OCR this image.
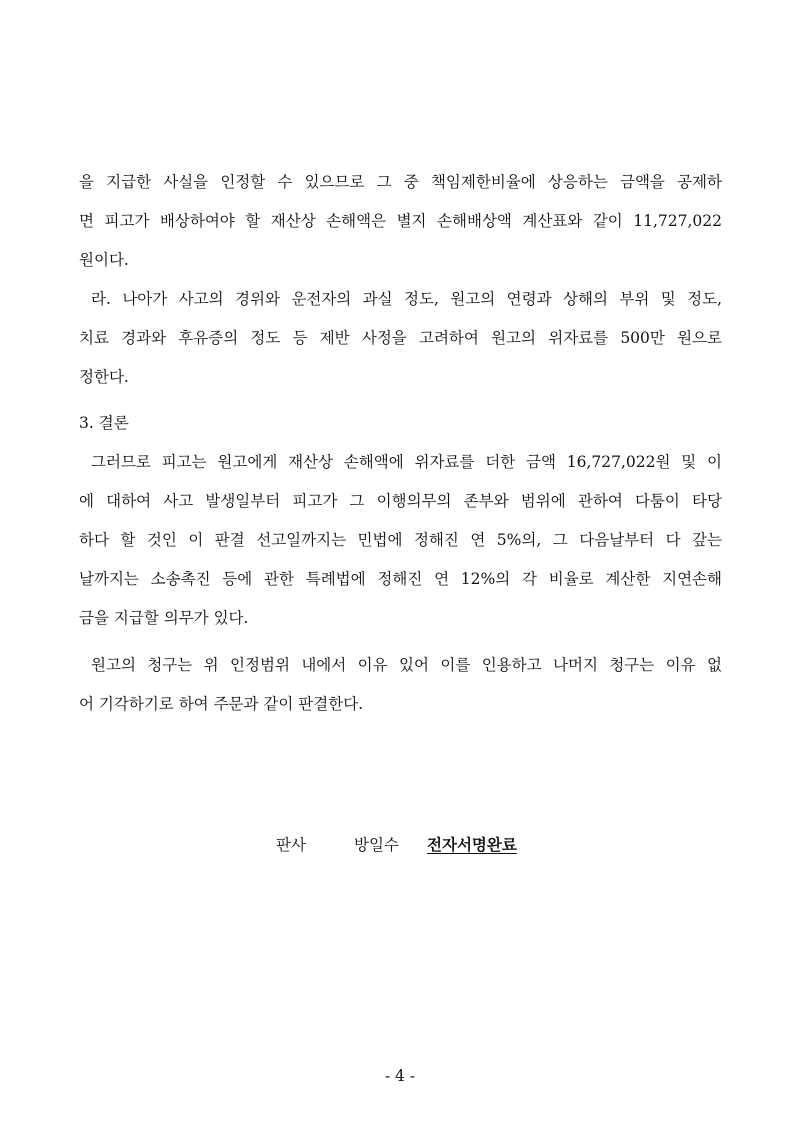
을 지급한 사실을 인정할 수 있으므로 그 중 책임제한비율에 상응하는 금액을 공제하
면 피고가 배상하여야 할 재산상 손해액은 별지 손해배상액 계산표와 같이 11,727,022
원이다.
라. 나아가 사고의 경위와 운전자의 과실 정도, 원고의 연령과 상해의 부위 및 정도,
치료 경과와 후유증의 정도 등 제반 사정을 고려하여 원고의 위자료를 500만 원으로
정한다.
3. 결론
그러므로 피고는 원고에게 재산상 손해액에 위자료를 더한 금액 16,727,022원 및 이
에 대하여 사고 발생일부터 피고가 그 이행의무의 존부와 범위에 관하여 다툼이 타당
하다 할 것인 이 판결 선고일까지는 민법에 정해진 연 5%의, 그 다음날부터 다 갚는
날까지는 소송촉진 등에 관한 특례법에 정해진 연 12%의 각 비율로 계산한 지연손해
금을 지급할 의무가 있다.
원고의 청구는 위 인정범위 내에서 이유 있어 이를 인용하고 나머지 청구는 이유 없
어 기각하기로 하여 주문과 같이 판결한다.
판사	방일수 전자서명완료
- 4 -
